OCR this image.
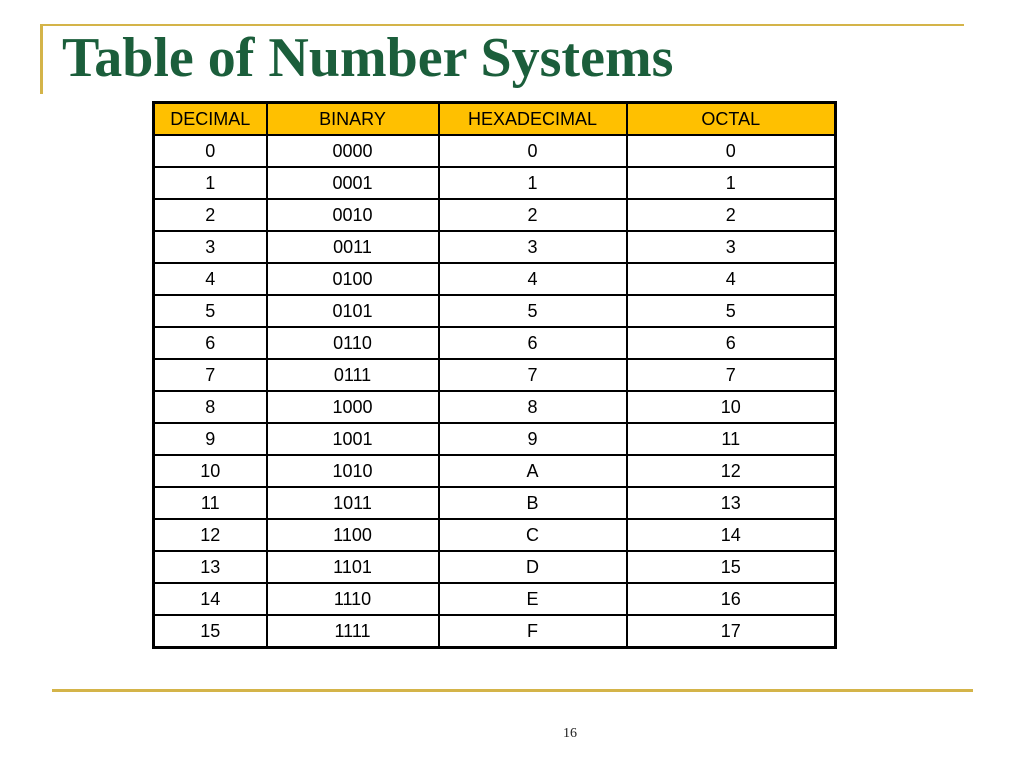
Table of Number Systems
DECIMAL	BINARY	HEXADECIMAL	OCTAL
0	0000	0	0
1	0001	1	1
2	0010	2	2
3	0011	3	3
4	0100	4	4
5	0101	5	5
6	0110	6	6
7	0111	7	7
8	1000	8	10
9	1001	9	11
10	1010	A	12
11	1011	B	13
12	1100	C	14
13	1101	D	15
14	1110	E	16
15	1111	F	17
16
